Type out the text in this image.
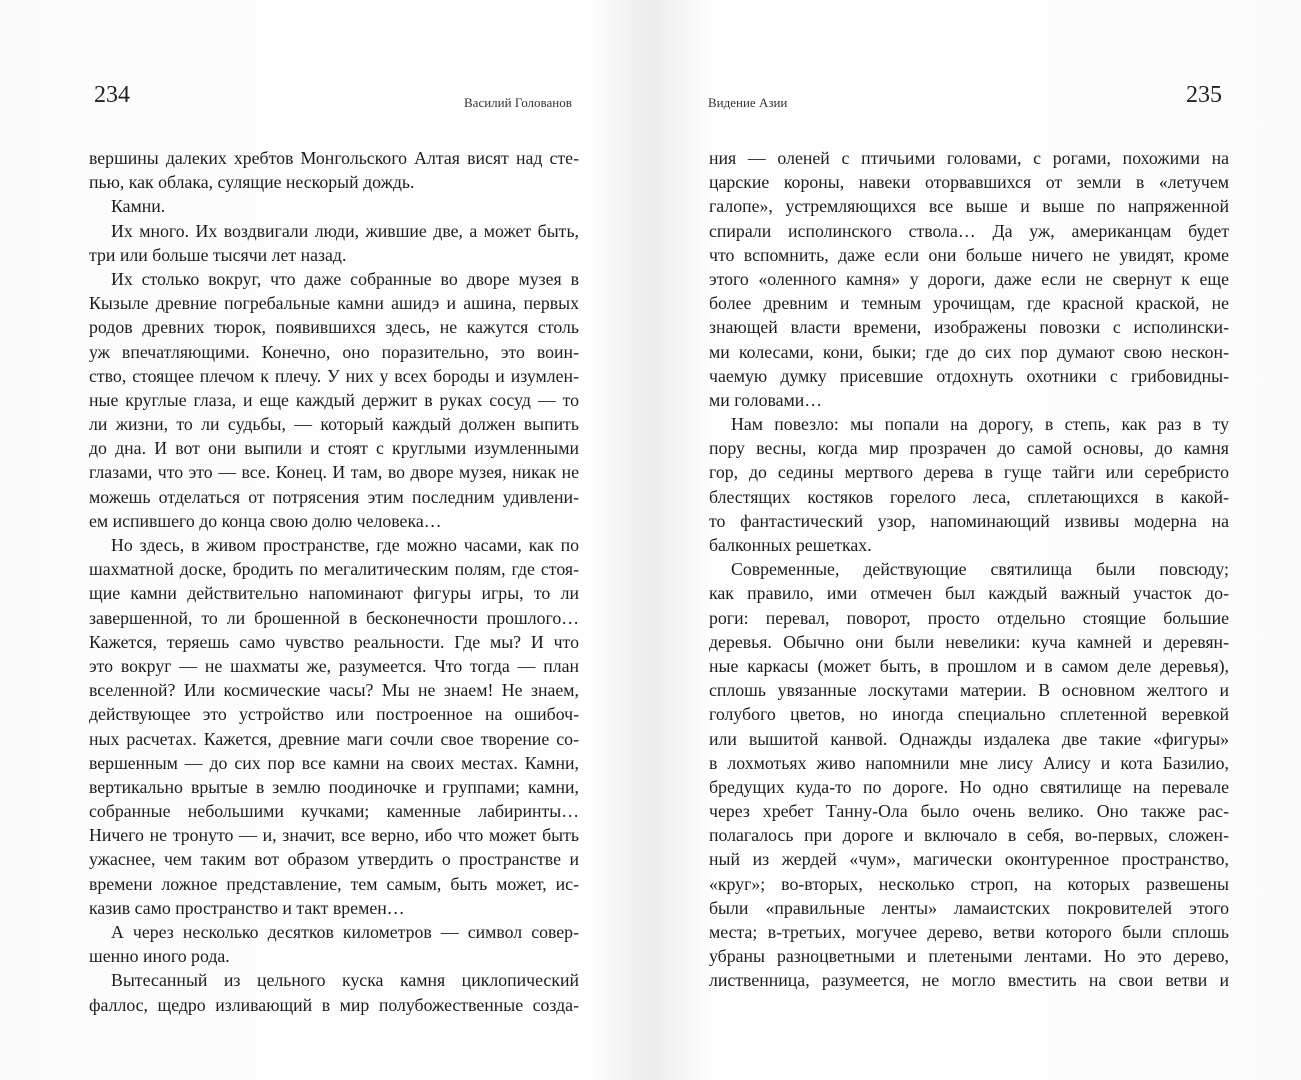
234	Василий Голованов
вершины далеких хребтов Монгольского Алтая висят над сте-
пью, как облака, сулящие нескорый дождь.
Камни.
Их много. Их воздвигали люди, жившие две, а может быть,
три или больше тысячи лет назад.
Их столько вокруг, что даже собранные во дворе музея в
Кызыле древние погребальные камни ашидэ и ашина, первых
родов древних тюрок, появившихся здесь, не кажутся столь
уж впечатляющими. Конечно, оно поразительно, это воин-
ство, стоящее плечом к плечу. У них у всех бороды и изумлен-
ные круглые глаза, и еще каждый держит в руках сосуд — то
ли жизни, то ли судьбы, — который каждый должен выпить
до дна. И вот они выпили и стоят с круглыми изумленными
глазами, что это — все. Конец. И там, во дворе музея, никак не
можешь отделаться от потрясения этим последним удивлени-
ем испившего до конца свою долю человека…
Но здесь, в живом пространстве, где можно часами, как по
шахматной доске, бродить по мегалитическим полям, где стоя-
щие камни действительно напоминают фигуры игры, то ли
завершенной, то ли брошенной в бесконечности прошлого…
Кажется, теряешь само чувство реальности. Где мы? И что
это вокруг — не шахматы же, разумеется. Что тогда — план
вселенной? Или космические часы? Мы не знаем! Не знаем,
действующее это устройство или построенное на ошибоч-
ных расчетах. Кажется, древние маги сочли свое творение со-
вершенным — до сих пор все камни на своих местах. Камни,
вертикально врытые в землю поодиночке и группами; камни,
собранные небольшими кучками; каменные лабиринты…
Ничего не тронуто — и, значит, все верно, ибо что может быть
ужаснее, чем таким вот образом утвердить о пространстве и
времени ложное представление, тем самым, быть может, ис-
казив само пространство и такт времен…
А через несколько десятков километров — символ совер-
шенно иного рода.
Вытесанный из цельного куска камня циклопический
фаллос, щедро изливающий в мир полубожественные созда-
Видение Азии	235
ния — оленей с птичьими головами, с рогами, похожими на
царские короны, навеки оторвавшихся от земли в «летучем
галопе», устремляющихся все выше и выше по напряженной
спирали исполинского ствола… Да уж, американцам будет
что вспомнить, даже если они больше ничего не увидят, кроме
этого «оленного камня» у дороги, даже если не свернут к еще
более древним и темным урочищам, где красной краской, не
знающей власти времени, изображены повозки с исполински-
ми колесами, кони, быки; где до сих пор думают свою нескон-
чаемую думку присевшие отдохнуть охотники с грибовидны-
ми головами…
Нам повезло: мы попали на дорогу, в степь, как раз в ту
пору весны, когда мир прозрачен до самой основы, до камня
гор, до седины мертвого дерева в гуще тайги или серебристо
блестящих костяков горелого леса, сплетающихся в какой-
то фантастический узор, напоминающий извивы модерна на
балконных решетках.
Современные, действующие святилища были повсюду;
как правило, ими отмечен был каждый важный участок до-
роги: перевал, поворот, просто отдельно стоящие большие
деревья. Обычно они были невелики: куча камней и деревян-
ные каркасы (может быть, в прошлом и в самом деле деревья),
сплошь увязанные лоскутами материи. В основном желтого и
голубого цветов, но иногда специально сплетенной веревкой
или вышитой канвой. Однажды издалека две такие «фигуры»
в лохмотьях живо напомнили мне лису Алису и кота Базилио,
бредущих куда-то по дороге. Но одно святилище на перевале
через хребет Танну-Ола было очень велико. Оно также рас-
полагалось при дороге и включало в себя, во-первых, сложен-
ный из жердей «чум», магически оконтуренное пространство,
«круг»; во-вторых, несколько строп, на которых развешены
были «правильные ленты» ламаистских покровителей этого
места; в-третьих, могучее дерево, ветви которого были сплошь
убраны разноцветными и плетеными лентами. Но это дерево,
лиственница, разумеется, не могло вместить на свои ветви и
